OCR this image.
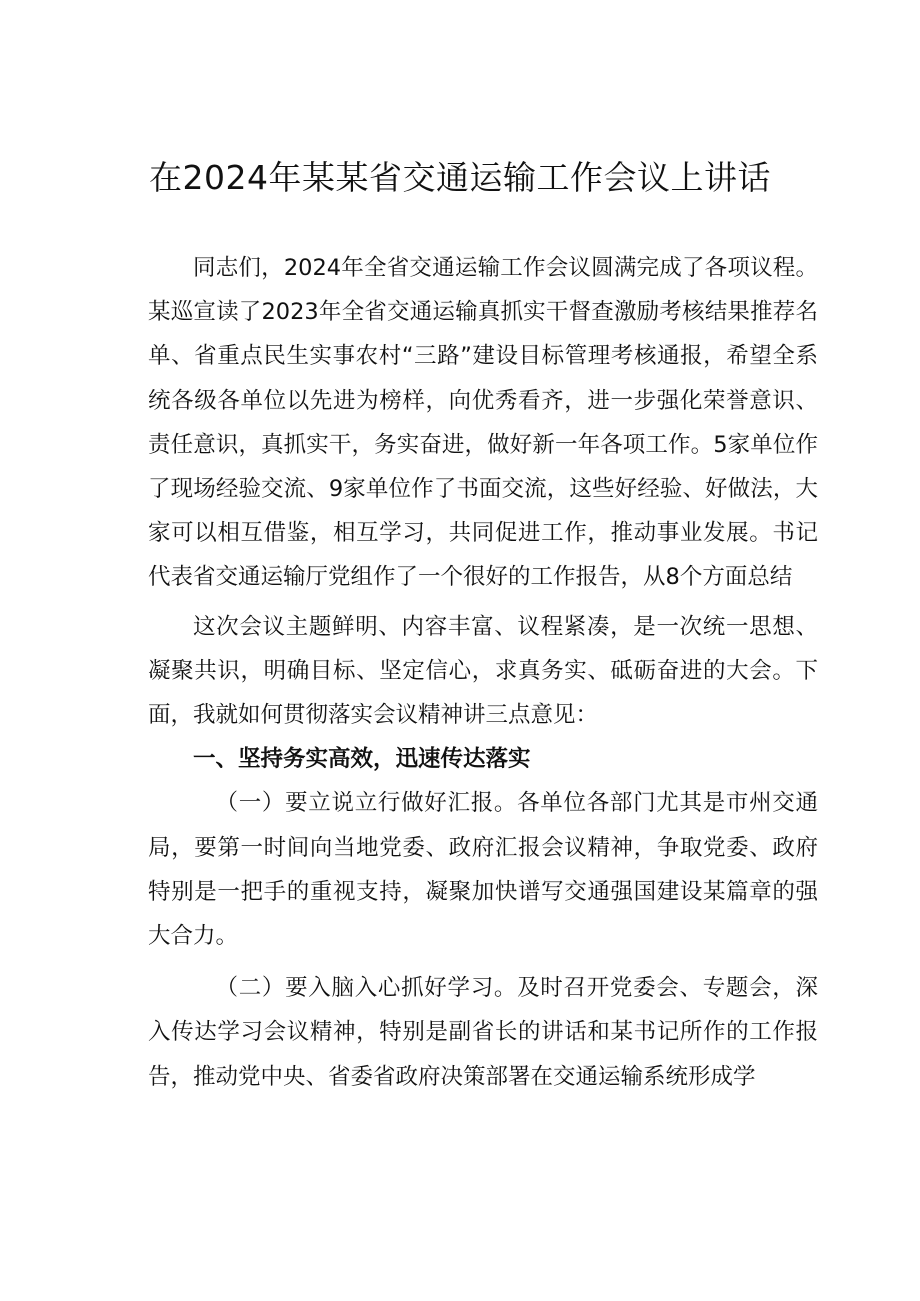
在2024年某某省交通运输工作会议上讲话

同志们，2024年全省交通运输工作会议圆满完成了各项议程。某巡宣读了2023年全省交通运输真抓实干督查激励考核结果推荐名单、省重点民生实事农村“三路”建设目标管理考核通报，希望全系统各级各单位以先进为榜样，向优秀看齐，进一步强化荣誉意识、责任意识，真抓实干，务实奋进，做好新一年各项工作。5家单位作了现场经验交流、9家单位作了书面交流，这些好经验、好做法，大家可以相互借鉴，相互学习，共同促进工作，推动事业发展。书记代表省交通运输厅党组作了一个很好的工作报告，从8个方面总结

这次会议主题鲜明、内容丰富、议程紧凑，是一次统一思想、凝聚共识，明确目标、坚定信心，求真务实、砥砺奋进的大会。下面，我就如何贯彻落实会议精神讲三点意见：

一、坚持务实高效，迅速传达落实

（一）要立说立行做好汇报。各单位各部门尤其是市州交通局，要第一时间向当地党委、政府汇报会议精神，争取党委、政府特别是一把手的重视支持，凝聚加快谱写交通强国建设某篇章的强大合力。

（二）要入脑入心抓好学习。及时召开党委会、专题会，深入传达学习会议精神，特别是副省长的讲话和某书记所作的工作报告，推动党中央、省委省政府决策部署在交通运输系统形成学
